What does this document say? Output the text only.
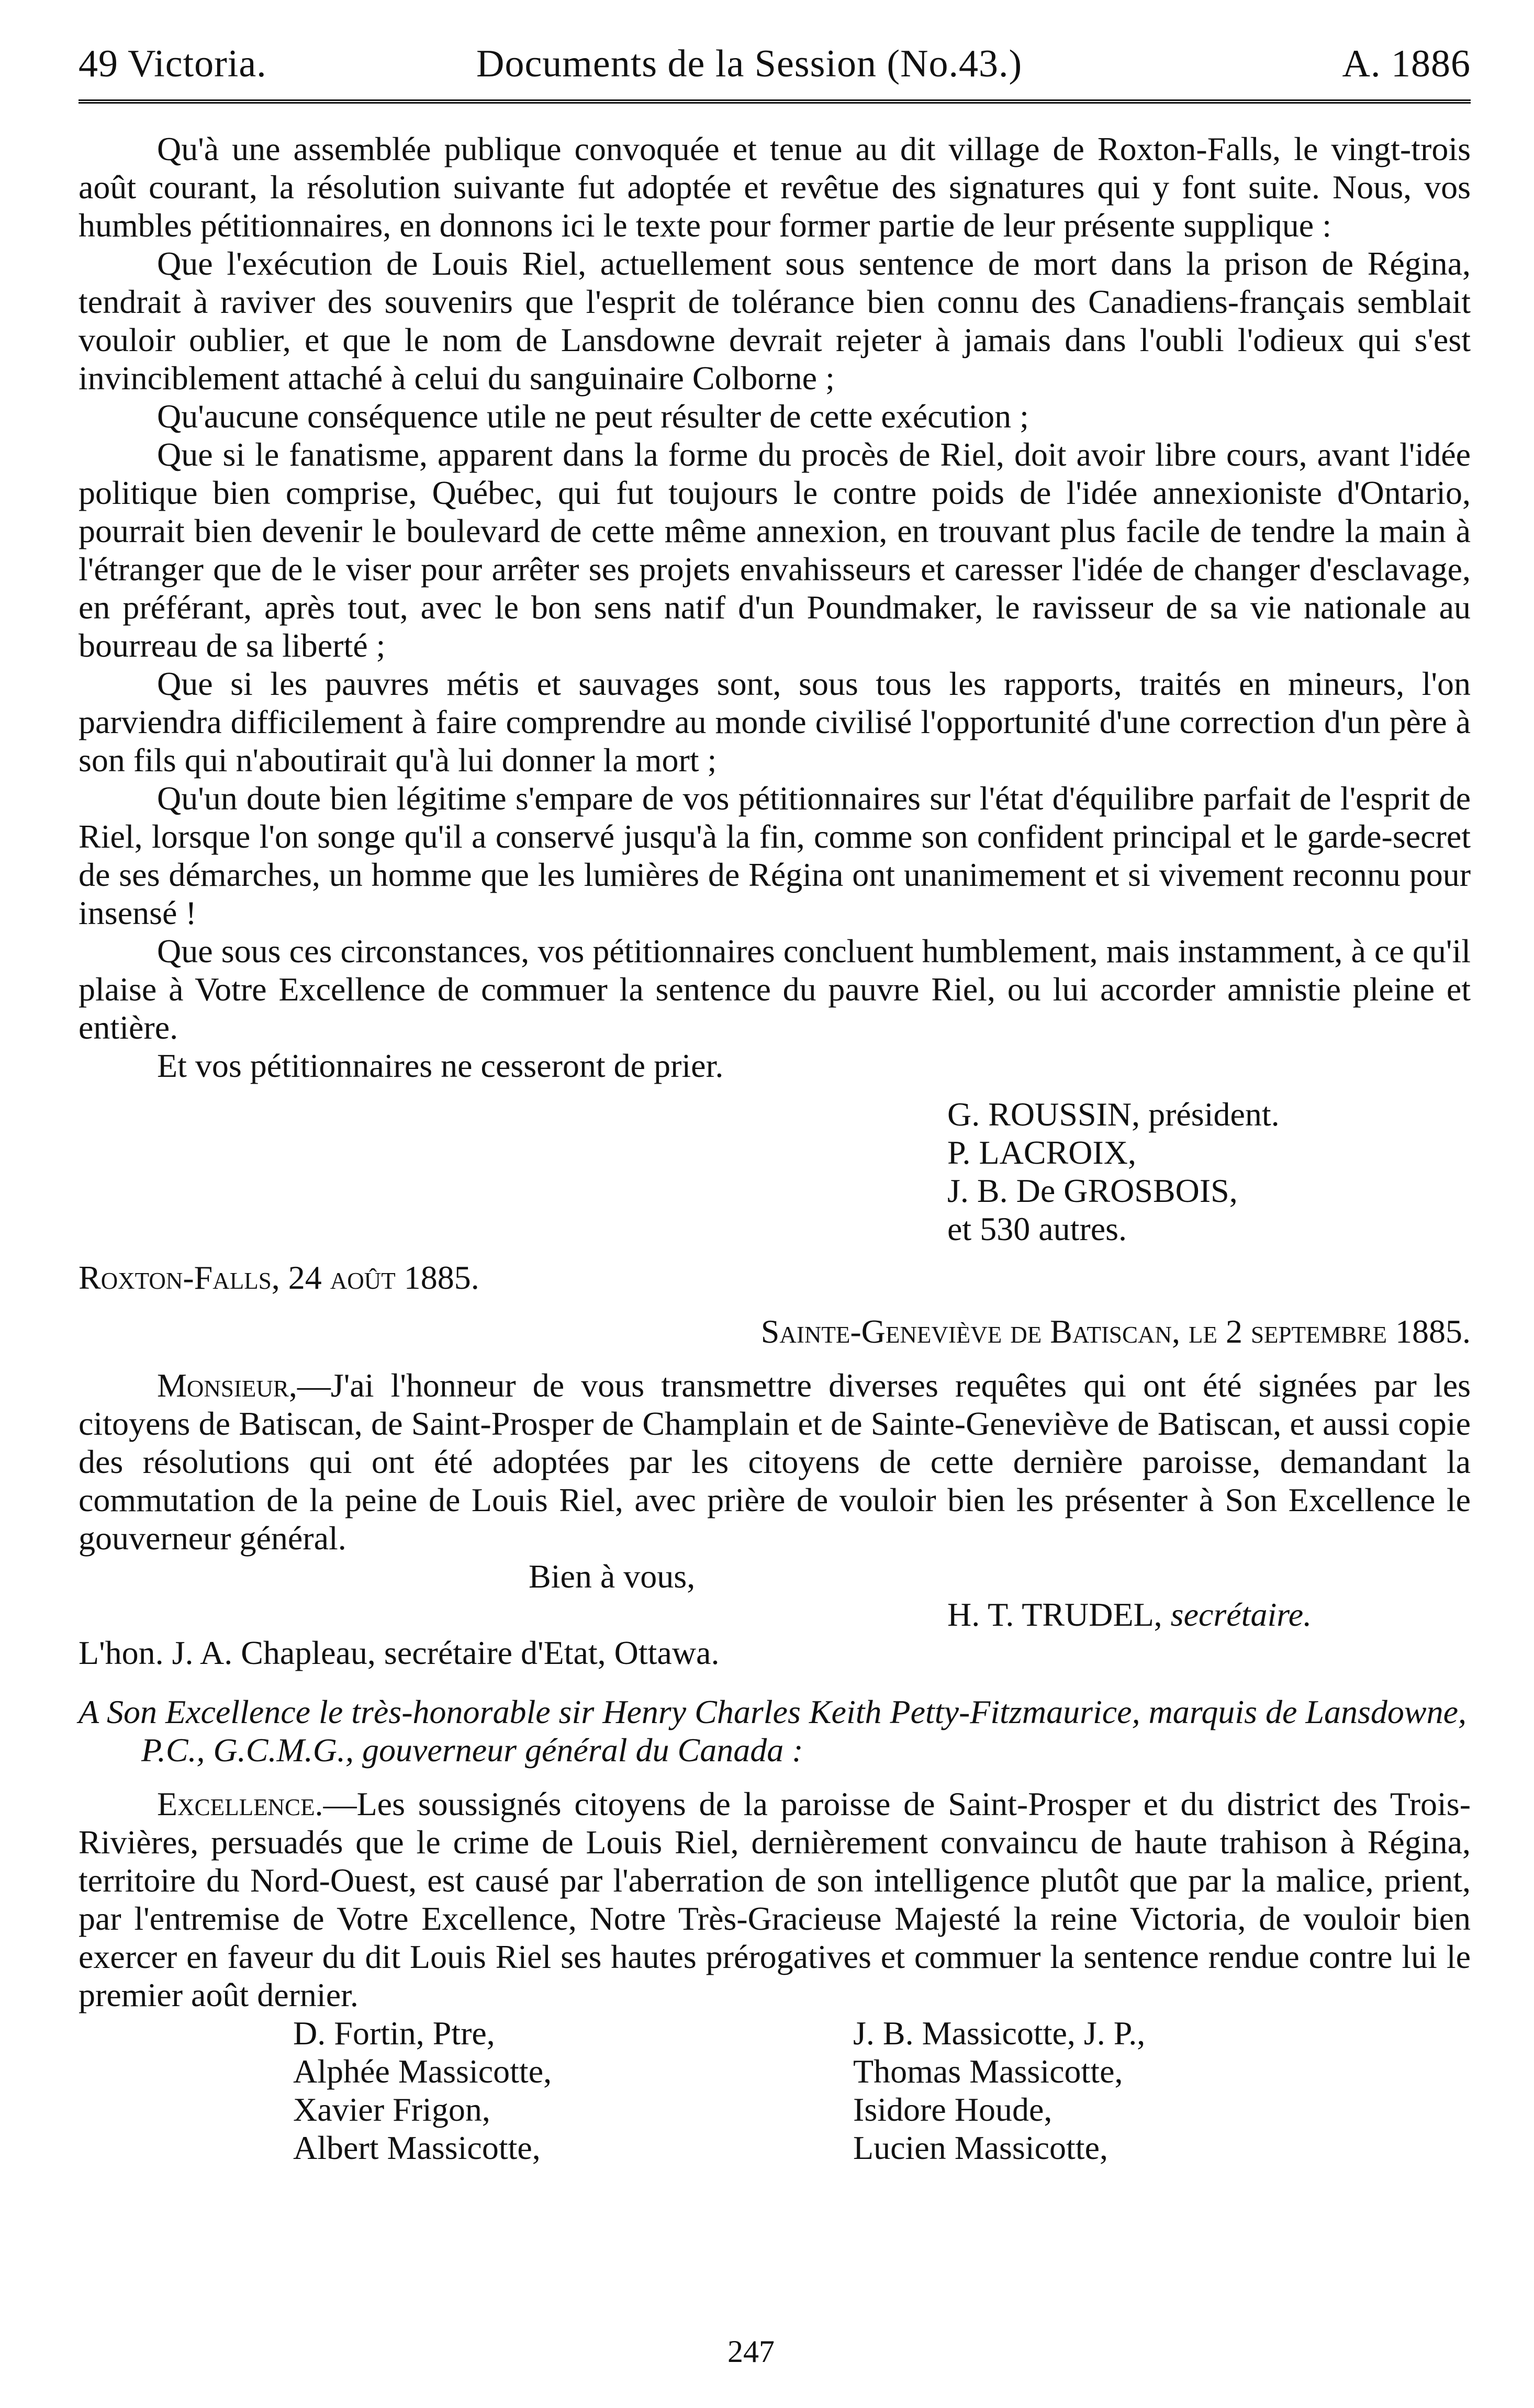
49 Victoria.	Documents de la Session (No.43.)	A. 1886

Qu'à une assemblée publique convoquée et tenue au dit village de Roxton-Falls, le vingt-trois août courant, la résolution suivante fut adoptée et revêtue des signatures qui y font suite. Nous, vos humbles pétitionnaires, en donnons ici le texte pour former partie de leur présente supplique :

Que l'exécution de Louis Riel, actuellement sous sentence de mort dans la prison de Régina, tendrait à raviver des souvenirs que l'esprit de tolérance bien connu des Canadiens-français semblait vouloir oublier, et que le nom de Lansdowne devrait rejeter à jamais dans l'oubli l'odieux qui s'est invinciblement attaché à celui du sanguinaire Colborne ;

Qu'aucune conséquence utile ne peut résulter de cette exécution ;

Que si le fanatisme, apparent dans la forme du procès de Riel, doit avoir libre cours, avant l'idée politique bien comprise, Québec, qui fut toujours le contre poids de l'idée annexioniste d'Ontario, pourrait bien devenir le boulevard de cette même annexion, en trouvant plus facile de tendre la main à l'étranger que de le viser pour arrêter ses projets envahisseurs et caresser l'idée de changer d'esclavage, en préférant, après tout, avec le bon sens natif d'un Poundmaker, le ravisseur de sa vie nationale au bourreau de sa liberté ;

Que si les pauvres métis et sauvages sont, sous tous les rapports, traités en mineurs, l'on parviendra difficilement à faire comprendre au monde civilisé l'opportunité d'une correction d'un père à son fils qui n'aboutirait qu'à lui donner la mort ;

Qu'un doute bien légitime s'empare de vos pétitionnaires sur l'état d'équilibre parfait de l'esprit de Riel, lorsque l'on songe qu'il a conservé jusqu'à la fin, comme son confident principal et le garde-secret de ses démarches, un homme que les lumières de Régina ont unanimement et si vivement reconnu pour insensé !

Que sous ces circonstances, vos pétitionnaires concluent humblement, mais instamment, à ce qu'il plaise à Votre Excellence de commuer la sentence du pauvre Riel, ou lui accorder amnistie pleine et entière.

Et vos pétitionnaires ne cesseront de prier.

G. ROUSSIN, président.
P. LACROIX,
J. B. De GROSBOIS,
et 530 autres.
Roxton-Falls, 24 août 1885.
Sainte-Geneviève de Batiscan, le 2 septembre 1885.

Monsieur,—J'ai l'honneur de vous transmettre diverses requêtes qui ont été signées par les citoyens de Batiscan, de Saint-Prosper de Champlain et de Sainte-Geneviève de Batiscan, et aussi copie des résolutions qui ont été adoptées par les citoyens de cette dernière paroisse, demandant la commutation de la peine de Louis Riel, avec prière de vouloir bien les présenter à Son Excellence le gouverneur général.

Bien à vous,
H. T. TRUDEL, secrétaire.
L'hon. J. A. Chapleau, secrétaire d'Etat, Ottawa.
A Son Excellence le très-honorable sir Henry Charles Keith Petty-Fitzmaurice, marquis de Lansdowne, P.C., G.C.M.G., gouverneur général du Canada :

Excellence.—Les soussignés citoyens de la paroisse de Saint-Prosper et du district des Trois-Rivières, persuadés que le crime de Louis Riel, dernièrement convaincu de haute trahison à Régina, territoire du Nord-Ouest, est causé par l'aberration de son intelligence plutôt que par la malice, prient, par l'entremise de Votre Excellence, Notre Très-Gracieuse Majesté la reine Victoria, de vouloir bien exercer en faveur du dit Louis Riel ses hautes prérogatives et commuer la sentence rendue contre lui le premier août dernier.

D. Fortin, Ptre,	J. B. Massicotte, J. P.,
Alphée Massicotte,	Thomas Massicotte,
Xavier Frigon,	Isidore Houde,
Albert Massicotte,	Lucien Massicotte,
247
